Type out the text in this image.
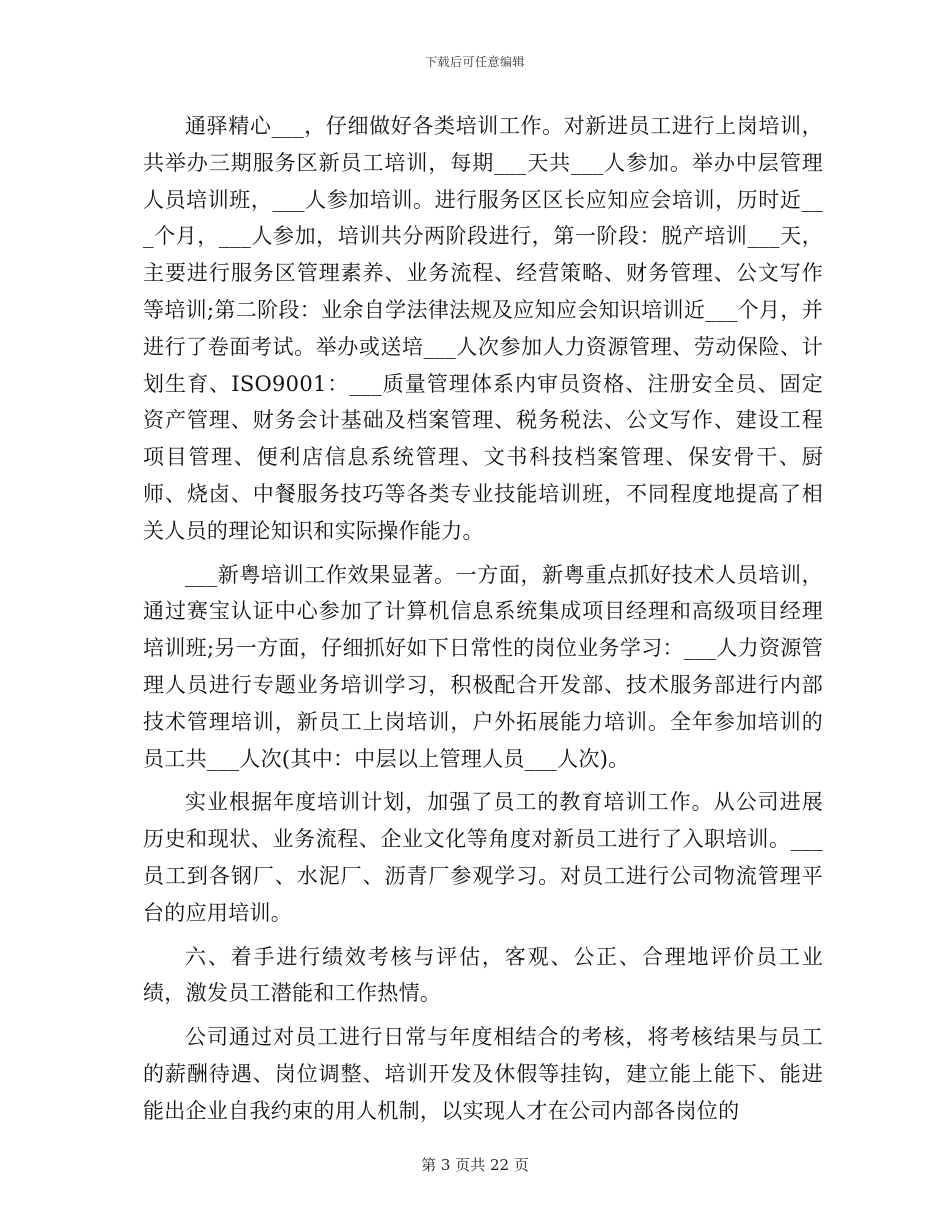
下载后可任意编辑

通驿精心___，仔细做好各类培训工作。对新进员工进行上岗培训，共举办三期服务区新员工培训，每期___天共___人参加。举办中层管理人员培训班，___人参加培训。进行服务区区长应知应会培训，历时近___个月，___人参加，培训共分两阶段进行，第一阶段：脱产培训___天，主要进行服务区管理素养、业务流程、经营策略、财务管理、公文写作等培训;第二阶段：业余自学法律法规及应知应会知识培训近___个月，并进行了卷面考试。举办或送培___人次参加人力资源管理、劳动保险、计划生育、ISO9001：___质量管理体系内审员资格、注册安全员、固定资产管理、财务会计基础及档案管理、税务税法、公文写作、建设工程项目管理、便利店信息系统管理、文书科技档案管理、保安骨干、厨师、烧卤、中餐服务技巧等各类专业技能培训班，不同程度地提高了相关人员的理论知识和实际操作能力。

___新粤培训工作效果显著。一方面，新粤重点抓好技术人员培训，通过赛宝认证中心参加了计算机信息系统集成项目经理和高级项目经理培训班;另一方面，仔细抓好如下日常性的岗位业务学习：___人力资源管理人员进行专题业务培训学习，积极配合开发部、技术服务部进行内部技术管理培训，新员工上岗培训，户外拓展能力培训。全年参加培训的员工共___人次(其中：中层以上管理人员___人次)。

实业根据年度培训计划，加强了员工的教育培训工作。从公司进展历史和现状、业务流程、企业文化等角度对新员工进行了入职培训。___员工到各钢厂、水泥厂、沥青厂参观学习。对员工进行公司物流管理平台的应用培训。

六、着手进行绩效考核与评估，客观、公正、合理地评价员工业绩，激发员工潜能和工作热情。

公司通过对员工进行日常与年度相结合的考核，将考核结果与员工的薪酬待遇、岗位调整、培训开发及休假等挂钩，建立能上能下、能进能出企业自我约束的用人机制，以实现人才在公司内部各岗位的

第 3 页共 22 页
